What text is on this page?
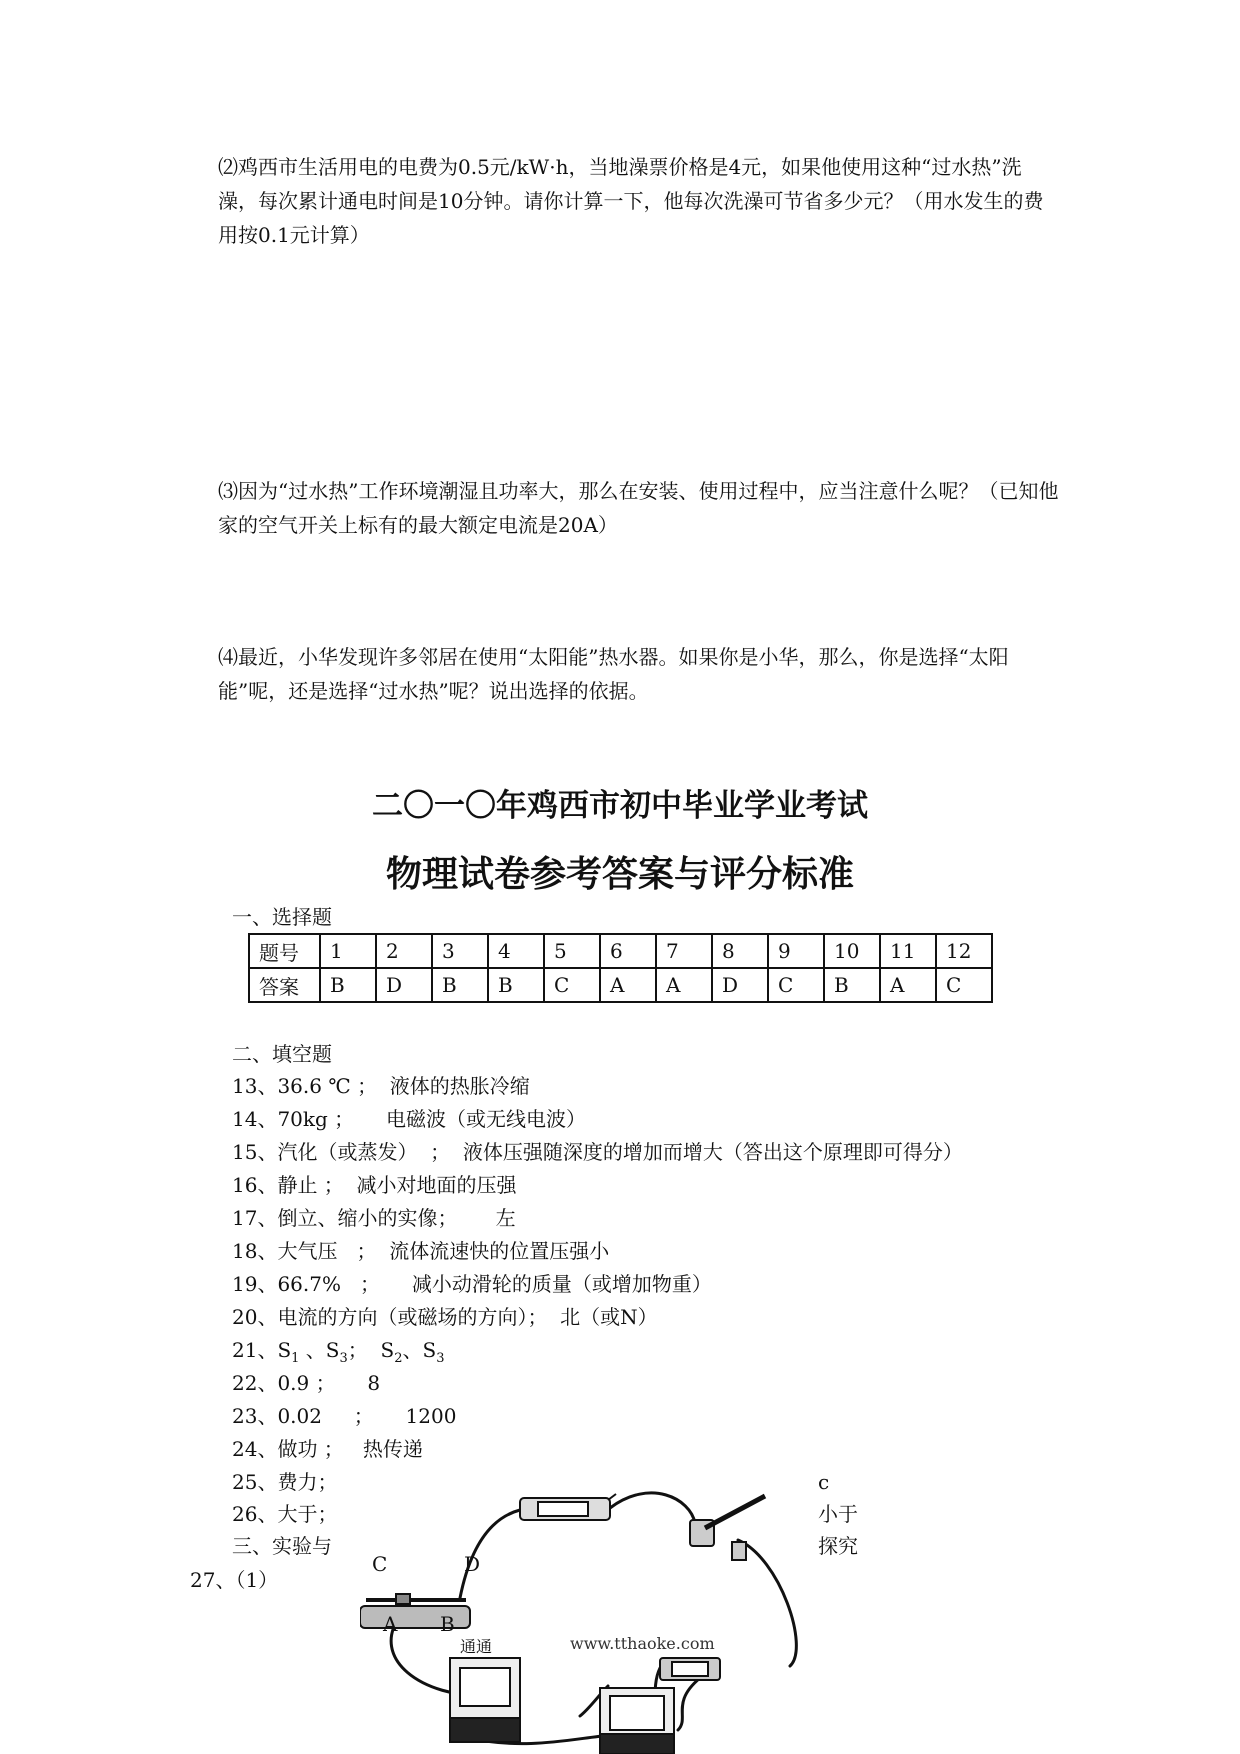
⑵鸡西市生活用电的电费为0.5元/kW·h，当地澡票价格是4元，如果他使用这种“过水热”洗澡，每次累计通电时间是10分钟。请你计算一下，他每次洗澡可节省多少元？（用水发生的费用按0.1元计算）
⑶因为“过水热”工作环境潮湿且功率大，那么在安装、使用过程中，应当注意什么呢？（已知他家的空气开关上标有的最大额定电流是20A）
⑷最近，小华发现许多邻居在使用“太阳能”热水器。如果你是小华，那么，你是选择“太阳能”呢，还是选择“过水热”呢？说出选择的依据。
二〇一〇年鸡西市初中毕业学业考试
物理试卷参考答案与评分标准
一、选择题
题号	1	2	3	4	5	6	7	8	9	10	11	12
答案	B	D	B	B	C	A	A	D	C	B	A	C
二、填空题
13、36.6 ℃ ；  液体的热胀冷缩
14、70kg ；     电磁波（或无线电波）
15、汽化（或蒸发）  ；  液体压强随深度的增加而增大（答出这个原理即可得分）
16、静止 ；  减小对地面的压强
17、倒立、缩小的实像；      左
18、大气压   ；  流体流速快的位置压强小
19、66.7%   ；     减小动滑轮的质量（或增加物重）
20、电流的方向（或磁场的方向）；  北（或N）
21、$S_1$ 、$S_3$；  $S_2$、$S_3$
22、0.9 ；     8
23、0.02     ；     1200
24、做功 ；   热传递
25、费力；	c
26、大于；	小于
三、实验与	探究
27、（1）
C	D
A B
通通	www.tthaoke.com
